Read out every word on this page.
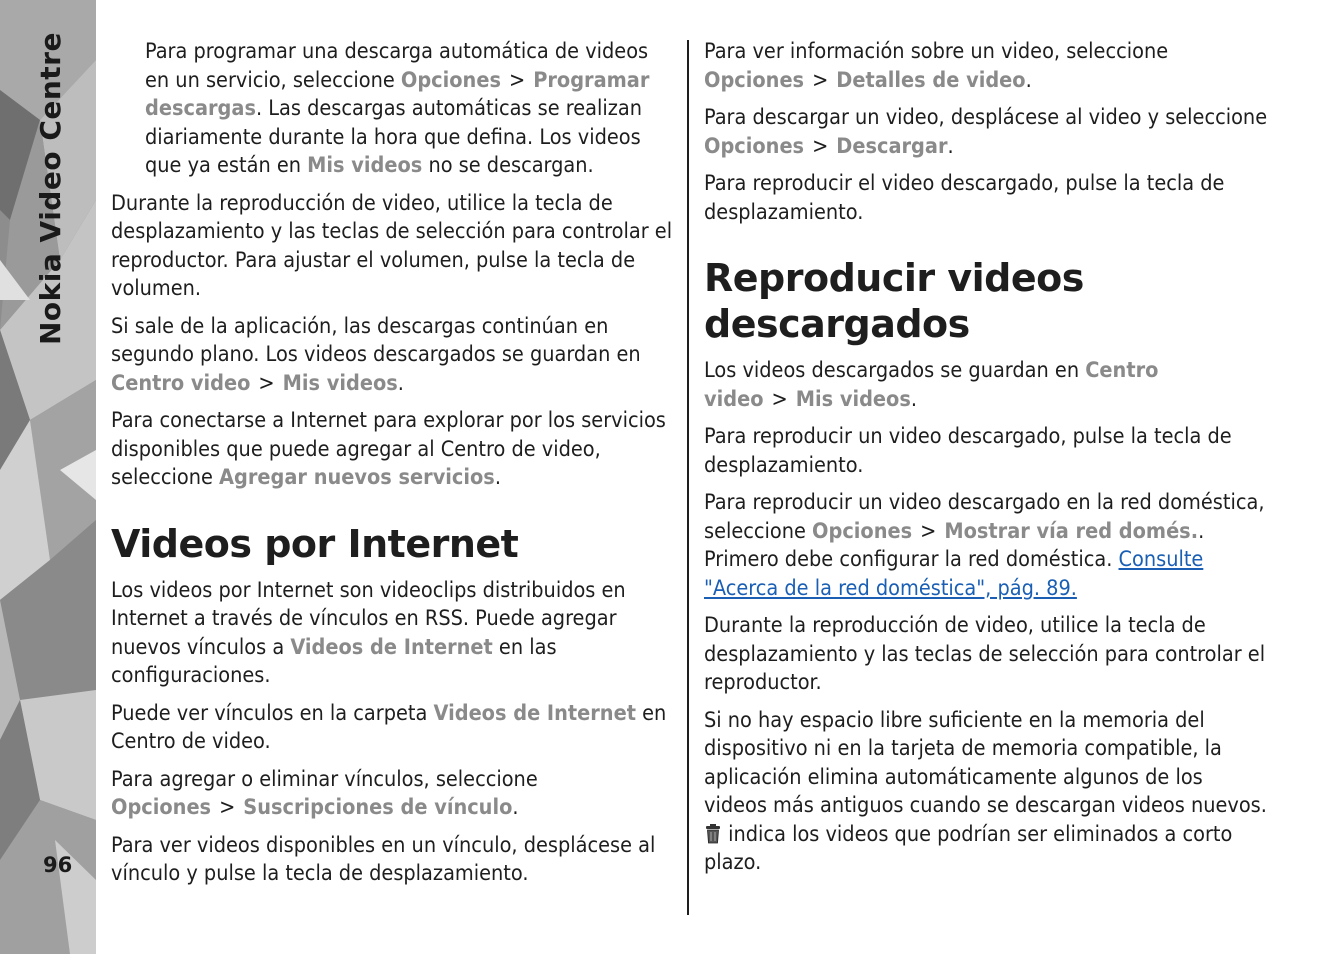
Nokia Video Centre
96

Para programar una descarga automática de videos en un servicio, seleccione Opciones > Programar descargas. Las descargas automáticas se realizan diariamente durante la hora que defina. Los videos que ya están en Mis videos no se descargan.

Durante la reproducción de video, utilice la tecla de desplazamiento y las teclas de selección para controlar el reproductor. Para ajustar el volumen, pulse la tecla de volumen.

Si sale de la aplicación, las descargas continúan en segundo plano. Los videos descargados se guardan en Centro video > Mis videos.

Para conectarse a Internet para explorar por los servicios disponibles que puede agregar al Centro de video, seleccione Agregar nuevos servicios.

Videos por Internet

Los videos por Internet son videoclips distribuidos en Internet a través de vínculos en RSS. Puede agregar nuevos vínculos a Videos de Internet en las configuraciones.

Puede ver vínculos en la carpeta Videos de Internet en Centro de video.

Para agregar o eliminar vínculos, seleccione Opciones > Suscripciones de vínculo.

Para ver videos disponibles en un vínculo, desplácese al vínculo y pulse la tecla de desplazamiento.

Para ver información sobre un video, seleccione Opciones > Detalles de video.

Para descargar un video, desplácese al video y seleccione Opciones > Descargar.

Para reproducir el video descargado, pulse la tecla de desplazamiento.

Reproducir videos descargados

Los videos descargados se guardan en Centro video > Mis videos.

Para reproducir un video descargado, pulse la tecla de desplazamiento.

Para reproducir un video descargado en la red doméstica, seleccione Opciones > Mostrar vía red domés.. Primero debe configurar la red doméstica. Consulte "Acerca de la red doméstica", pág. 89.

Durante la reproducción de video, utilice la tecla de desplazamiento y las teclas de selección para controlar el reproductor.

Si no hay espacio libre suficiente en la memoria del dispositivo ni en la tarjeta de memoria compatible, la aplicación elimina automáticamente algunos de los videos más antiguos cuando se descargan videos nuevos. indica los videos que podrían ser eliminados a corto plazo.
